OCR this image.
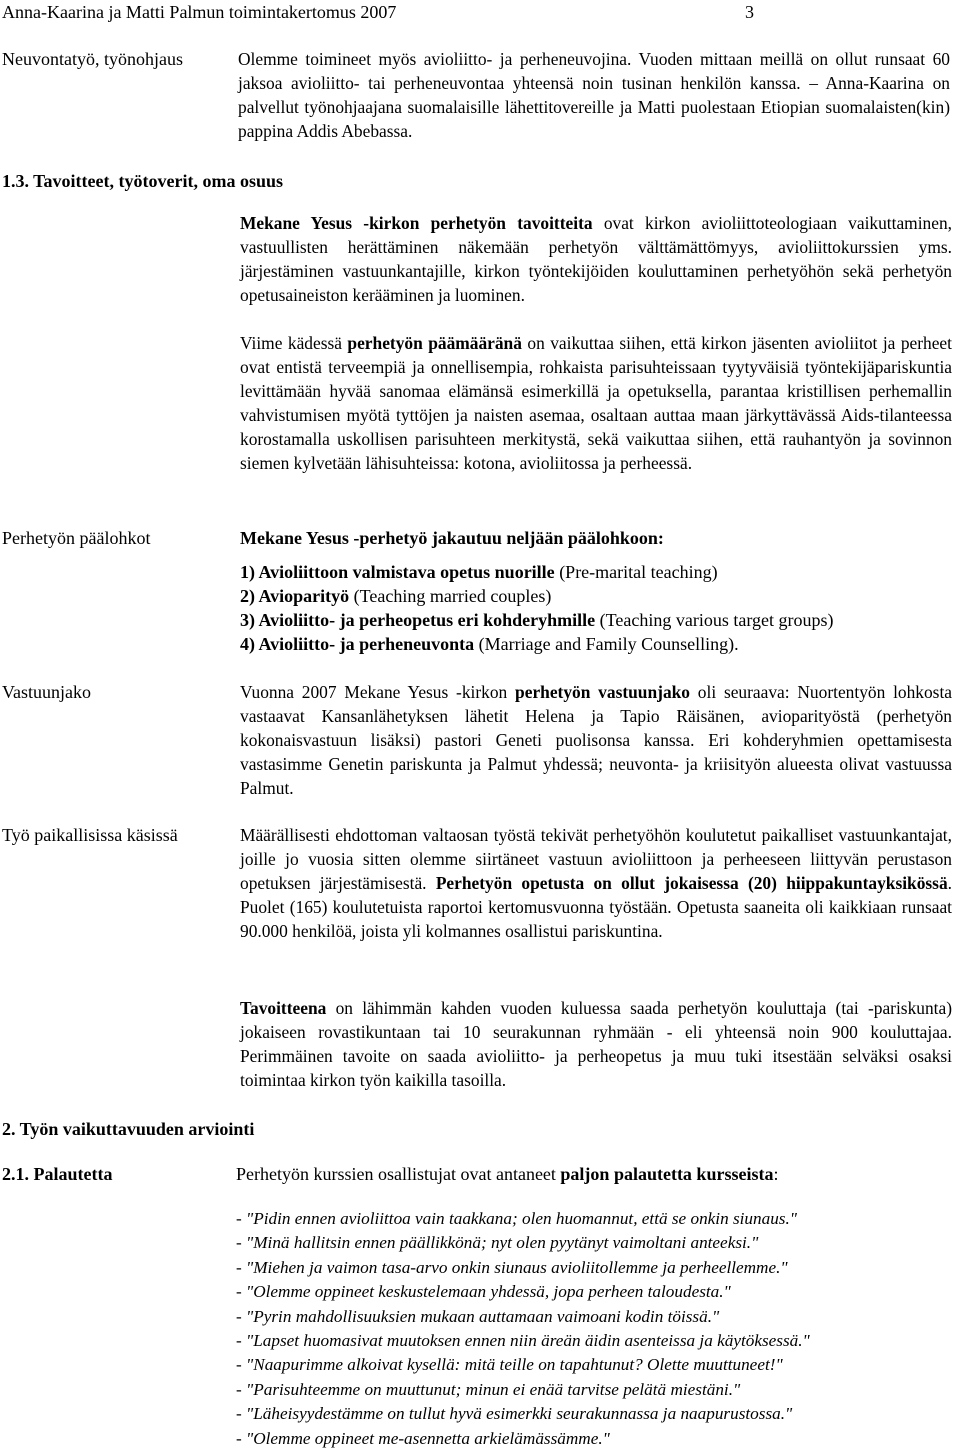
Anna-Kaarina ja Matti Palmun toimintakertomus 2007	3
Neuvontatyö, työnohjaus	Olemme toimineet myös avioliitto- ja perheneuvojina. Vuoden mittaan meillä on ollut runsaat 60 jaksoa avioliitto- tai perheneuvontaa yhteensä noin tusinan henkilön kanssa. – Anna-Kaarina on palvellut työnohjaajana suomalaisille lähettitovereille ja Matti puolestaan Etiopian suomalaisten(kin) pappina Addis Abebassa.
1.3. Tavoitteet, työtoverit, oma osuus
Mekane Yesus -kirkon perhetyön tavoitteita ovat kirkon avioliittoteologiaan vaikuttaminen, vastuullisten herättäminen näkemään perhetyön välttämättömyys, avioliittokurssien yms. järjestäminen vastuunkantajille, kirkon työntekijöiden kouluttaminen perhetyöhön sekä perhetyön opetusaineiston kerääminen ja luominen.
Viime kädessä perhetyön päämääränä on vaikuttaa siihen, että kirkon jäsenten avioliitot ja perheet ovat entistä terveempiä ja onnellisempia, rohkaista parisuhteissaan tyytyväisiä työntekijäpariskuntia levittämään hyvää sanomaa elämänsä esimerkillä ja opetuksella, parantaa kristillisen perhemallin vahvistumisen myötä tyttöjen ja naisten asemaa, osaltaan auttaa maan järkyttävässä Aids-tilanteessa korostamalla uskollisen parisuhteen merkitystä, sekä vaikuttaa siihen, että rauhantyön ja sovinnon siemen kylvetään lähisuhteissa: kotona, avioliitossa ja perheessä.
Perhetyön päälohkot	Mekane Yesus -perhetyö jakautuu neljään päälohkoon:
1) Avioliittoon valmistava opetus nuorille (Pre-marital teaching)
2) Avioparityö (Teaching married couples)
3) Avioliitto- ja perheopetus eri kohderyhmille (Teaching various target groups)
4) Avioliitto- ja perheneuvonta (Marriage and Family Counselling).
Vastuunjako	Vuonna 2007 Mekane Yesus -kirkon perhetyön vastuunjako oli seuraava: Nuortentyön lohkosta vastaavat Kansanlähetyksen lähetit Helena ja Tapio Räisänen, avioparityöstä (perhetyön kokonaisvastuun lisäksi) pastori Geneti puolisonsa kanssa. Eri kohderyhmien opettamisesta vastasimme Genetin pariskunta ja Palmut yhdessä; neuvonta- ja kriisityön alueesta olivat vastuussa Palmut.
Työ paikallisissa käsissä	Määrällisesti ehdottoman valtaosan työstä tekivät perhetyöhön koulutetut paikalliset vastuunkantajat, joille jo vuosia sitten olemme siirtäneet vastuun avioliittoon ja perheeseen liittyvän perustason opetuksen järjestämisestä. Perhetyön opetusta on ollut jokaisessa (20) hiippakuntayksikössä. Puolet (165) koulutetuista raportoi kertomusvuonna työstään. Opetusta saaneita oli kaikkiaan runsaat 90.000 henkilöä, joista yli kolmannes osallistui pariskuntina.
Tavoitteena on lähimmän kahden vuoden kuluessa saada perhetyön kouluttaja (tai -pariskunta) jokaiseen rovastikuntaan tai 10 seurakunnan ryhmään - eli yhteensä noin 900 kouluttajaa. Perimmäinen tavoite on saada avioliitto- ja perheopetus ja muu tuki itsestään selväksi osaksi toimintaa kirkon työn kaikilla tasoilla.
2. Työn vaikuttavuuden arviointi
2.1. Palautetta	Perhetyön kurssien osallistujat ovat antaneet paljon palautetta kursseista:
- "Pidin ennen avioliittoa vain taakkana; olen huomannut, että se onkin siunaus."
- "Minä hallitsin ennen päällikkönä; nyt olen pyytänyt vaimoltani anteeksi."
- "Miehen ja vaimon tasa-arvo onkin siunaus avioliitollemme ja perheellemme."
- "Olemme oppineet keskustelemaan yhdessä, jopa perheen taloudesta."
- "Pyrin mahdollisuuksien mukaan auttamaan vaimoani kodin töissä."
- "Lapset huomasivat muutoksen ennen niin äreän äidin asenteissa ja käytöksessä."
- "Naapurimme alkoivat kysellä: mitä teille on tapahtunut? Olette muuttuneet!"
- "Parisuhteemme on muuttunut; minun ei enää tarvitse pelätä miestäni."
- "Läheisyydestämme on tullut hyvä esimerkki seurakunnassa ja naapurustossa."
- "Olemme oppineet me-asennetta arkielämässämme."
